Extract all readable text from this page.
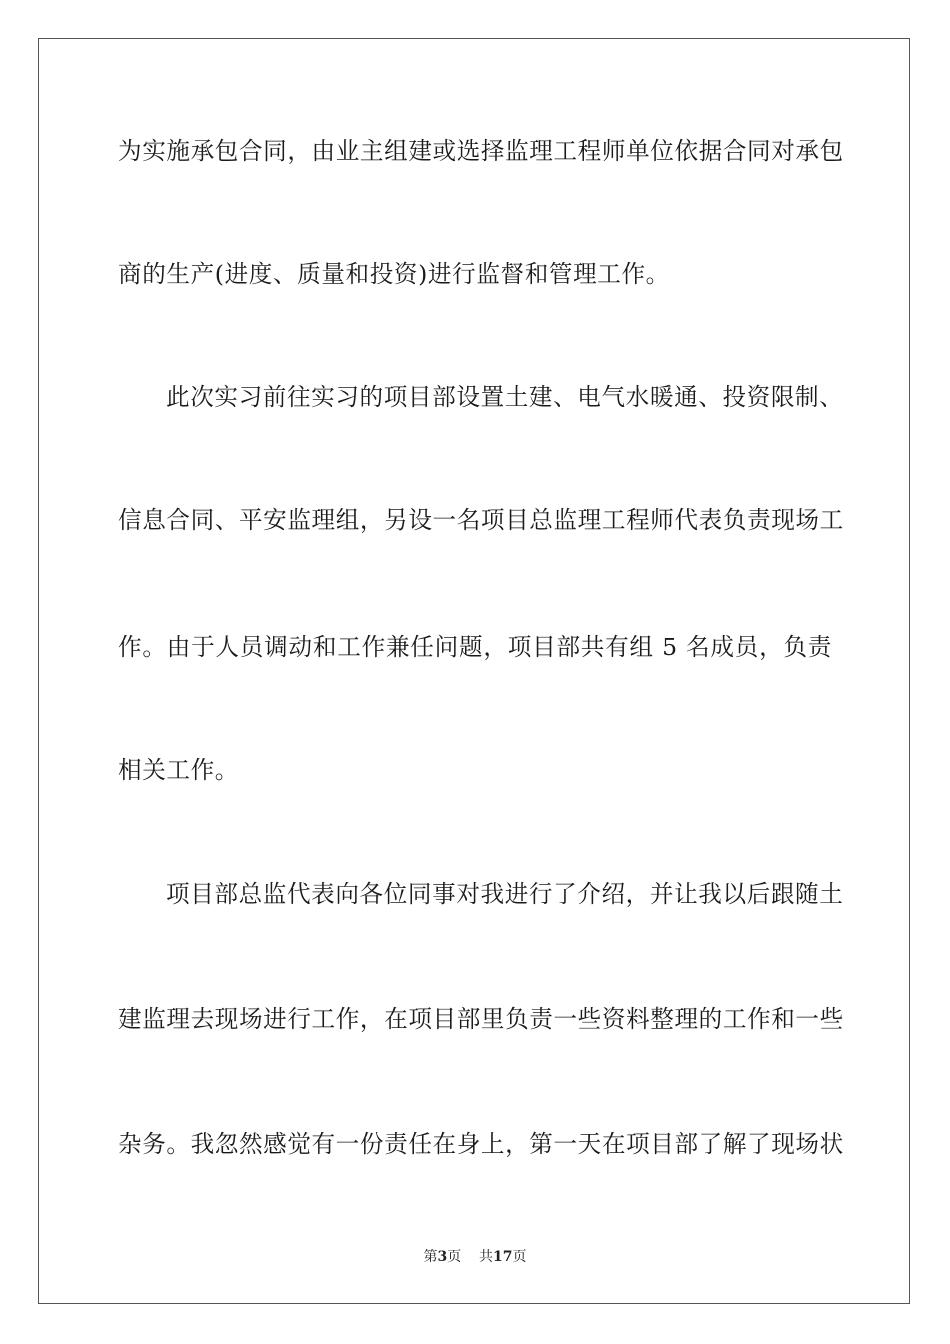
为实施承包合同，由业主组建或选择监理工程师单位依据合同对承包
商的生产(进度、质量和投资)进行监督和管理工作。
此次实习前往实习的项目部设置土建、电气水暖通、投资限制、
信息合同、平安监理组，另设一名项目总监理工程师代表负责现场工
作。由于人员调动和工作兼任问题，项目部共有组 5 名成员，负责
相关工作。
项目部总监代表向各位同事对我进行了介绍，并让我以后跟随土
建监理去现场进行工作，在项目部里负责一些资料整理的工作和一些
杂务。我忽然感觉有一份责任在身上，第一天在项目部了解了现场状
第3页 共17页
